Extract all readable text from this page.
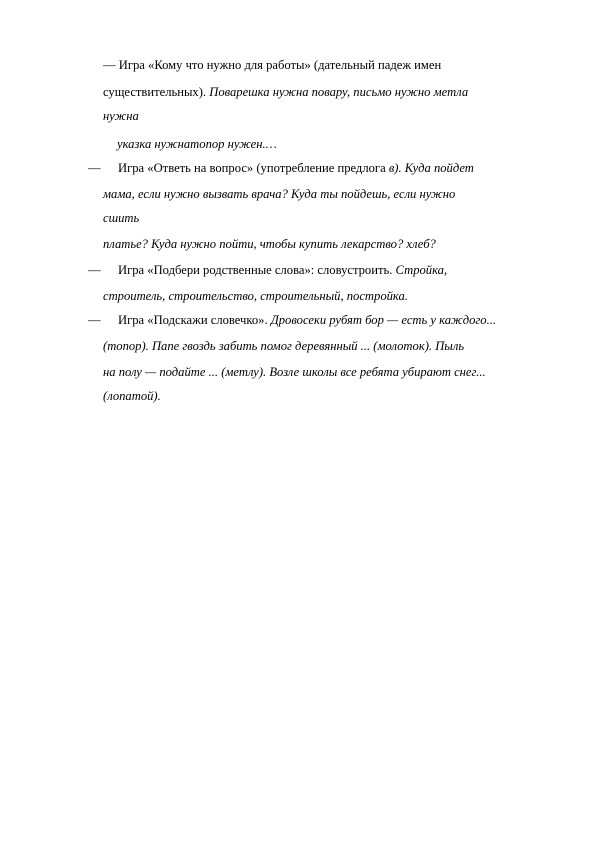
— Игра «Кому что нужно для работы» (дательный падеж имен
существительных). Поварешка нужна повару, письмо нужно метла
нужна
указка нужнатопор нужен.…
— Игра «Ответь на вопрос» (употребление предлога в). Куда пойдет
мама, если нужно вызвать врача? Куда ты пойдешь, если нужно
сшить
платье? Куда нужно пойти, чтобы купить лекарство? хлеб?
— Игра «Подбери родственные слова»: словустроить. Стройка,
строитель, строительство, строительный, постройка.
— Игра «Подскажи словечко». Дровосеки рубят бор — есть у каждого...
(топор). Папе гвоздь забить помог деревянный ... (молоток). Пыль
на полу — подайте ... (метлу). Возле школы все ребята убирают снег...
(лопатой).
